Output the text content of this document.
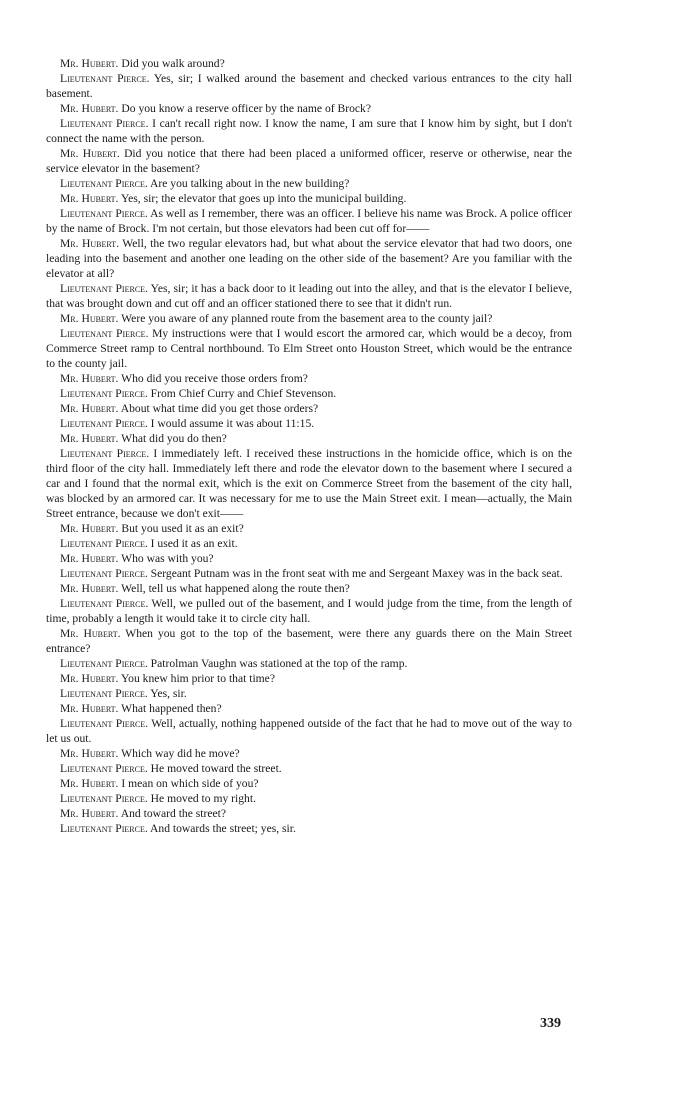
Mr. Hubert. Did you walk around?

Lieutenant Pierce. Yes, sir; I walked around the basement and checked various entrances to the city hall basement.

Mr. Hubert. Do you know a reserve officer by the name of Brock?

Lieutenant Pierce. I can't recall right now. I know the name, I am sure that I know him by sight, but I don't connect the name with the person.

Mr. Hubert. Did you notice that there had been placed a uniformed officer, reserve or otherwise, near the service elevator in the basement?

Lieutenant Pierce. Are you talking about in the new building?

Mr. Hubert. Yes, sir; the elevator that goes up into the municipal building.

Lieutenant Pierce. As well as I remember, there was an officer. I believe his name was Brock. A police officer by the name of Brock. I'm not certain, but those elevators had been cut off for——

Mr. Hubert. Well, the two regular elevators had, but what about the service elevator that had two doors, one leading into the basement and another one leading on the other side of the basement? Are you familiar with the elevator at all?

Lieutenant Pierce. Yes, sir; it has a back door to it leading out into the alley, and that is the elevator I believe, that was brought down and cut off and an officer stationed there to see that it didn't run.

Mr. Hubert. Were you aware of any planned route from the basement area to the county jail?

Lieutenant Pierce. My instructions were that I would escort the armored car, which would be a decoy, from Commerce Street ramp to Central northbound. To Elm Street onto Houston Street, which would be the entrance to the county jail.

Mr. Hubert. Who did you receive those orders from?

Lieutenant Pierce. From Chief Curry and Chief Stevenson.

Mr. Hubert. About what time did you get those orders?

Lieutenant Pierce. I would assume it was about 11:15.

Mr. Hubert. What did you do then?

Lieutenant Pierce. I immediately left. I received these instructions in the homicide office, which is on the third floor of the city hall. Immediately left there and rode the elevator down to the basement where I secured a car and I found that the normal exit, which is the exit on Commerce Street from the basement of the city hall, was blocked by an armored car. It was necessary for me to use the Main Street exit. I mean—actually, the Main Street entrance, because we don't exit——

Mr. Hubert. But you used it as an exit?

Lieutenant Pierce. I used it as an exit.

Mr. Hubert. Who was with you?

Lieutenant Pierce. Sergeant Putnam was in the front seat with me and Sergeant Maxey was in the back seat.

Mr. Hubert. Well, tell us what happened along the route then?

Lieutenant Pierce. Well, we pulled out of the basement, and I would judge from the time, from the length of time, probably a length it would take it to circle city hall.

Mr. Hubert. When you got to the top of the basement, were there any guards there on the Main Street entrance?

Lieutenant Pierce. Patrolman Vaughn was stationed at the top of the ramp.

Mr. Hubert. You knew him prior to that time?

Lieutenant Pierce. Yes, sir.

Mr. Hubert. What happened then?

Lieutenant Pierce. Well, actually, nothing happened outside of the fact that he had to move out of the way to let us out.

Mr. Hubert. Which way did he move?

Lieutenant Pierce. He moved toward the street.

Mr. Hubert. I mean on which side of you?

Lieutenant Pierce. He moved to my right.

Mr. Hubert. And toward the street?

Lieutenant Pierce. And towards the street; yes, sir.

339
